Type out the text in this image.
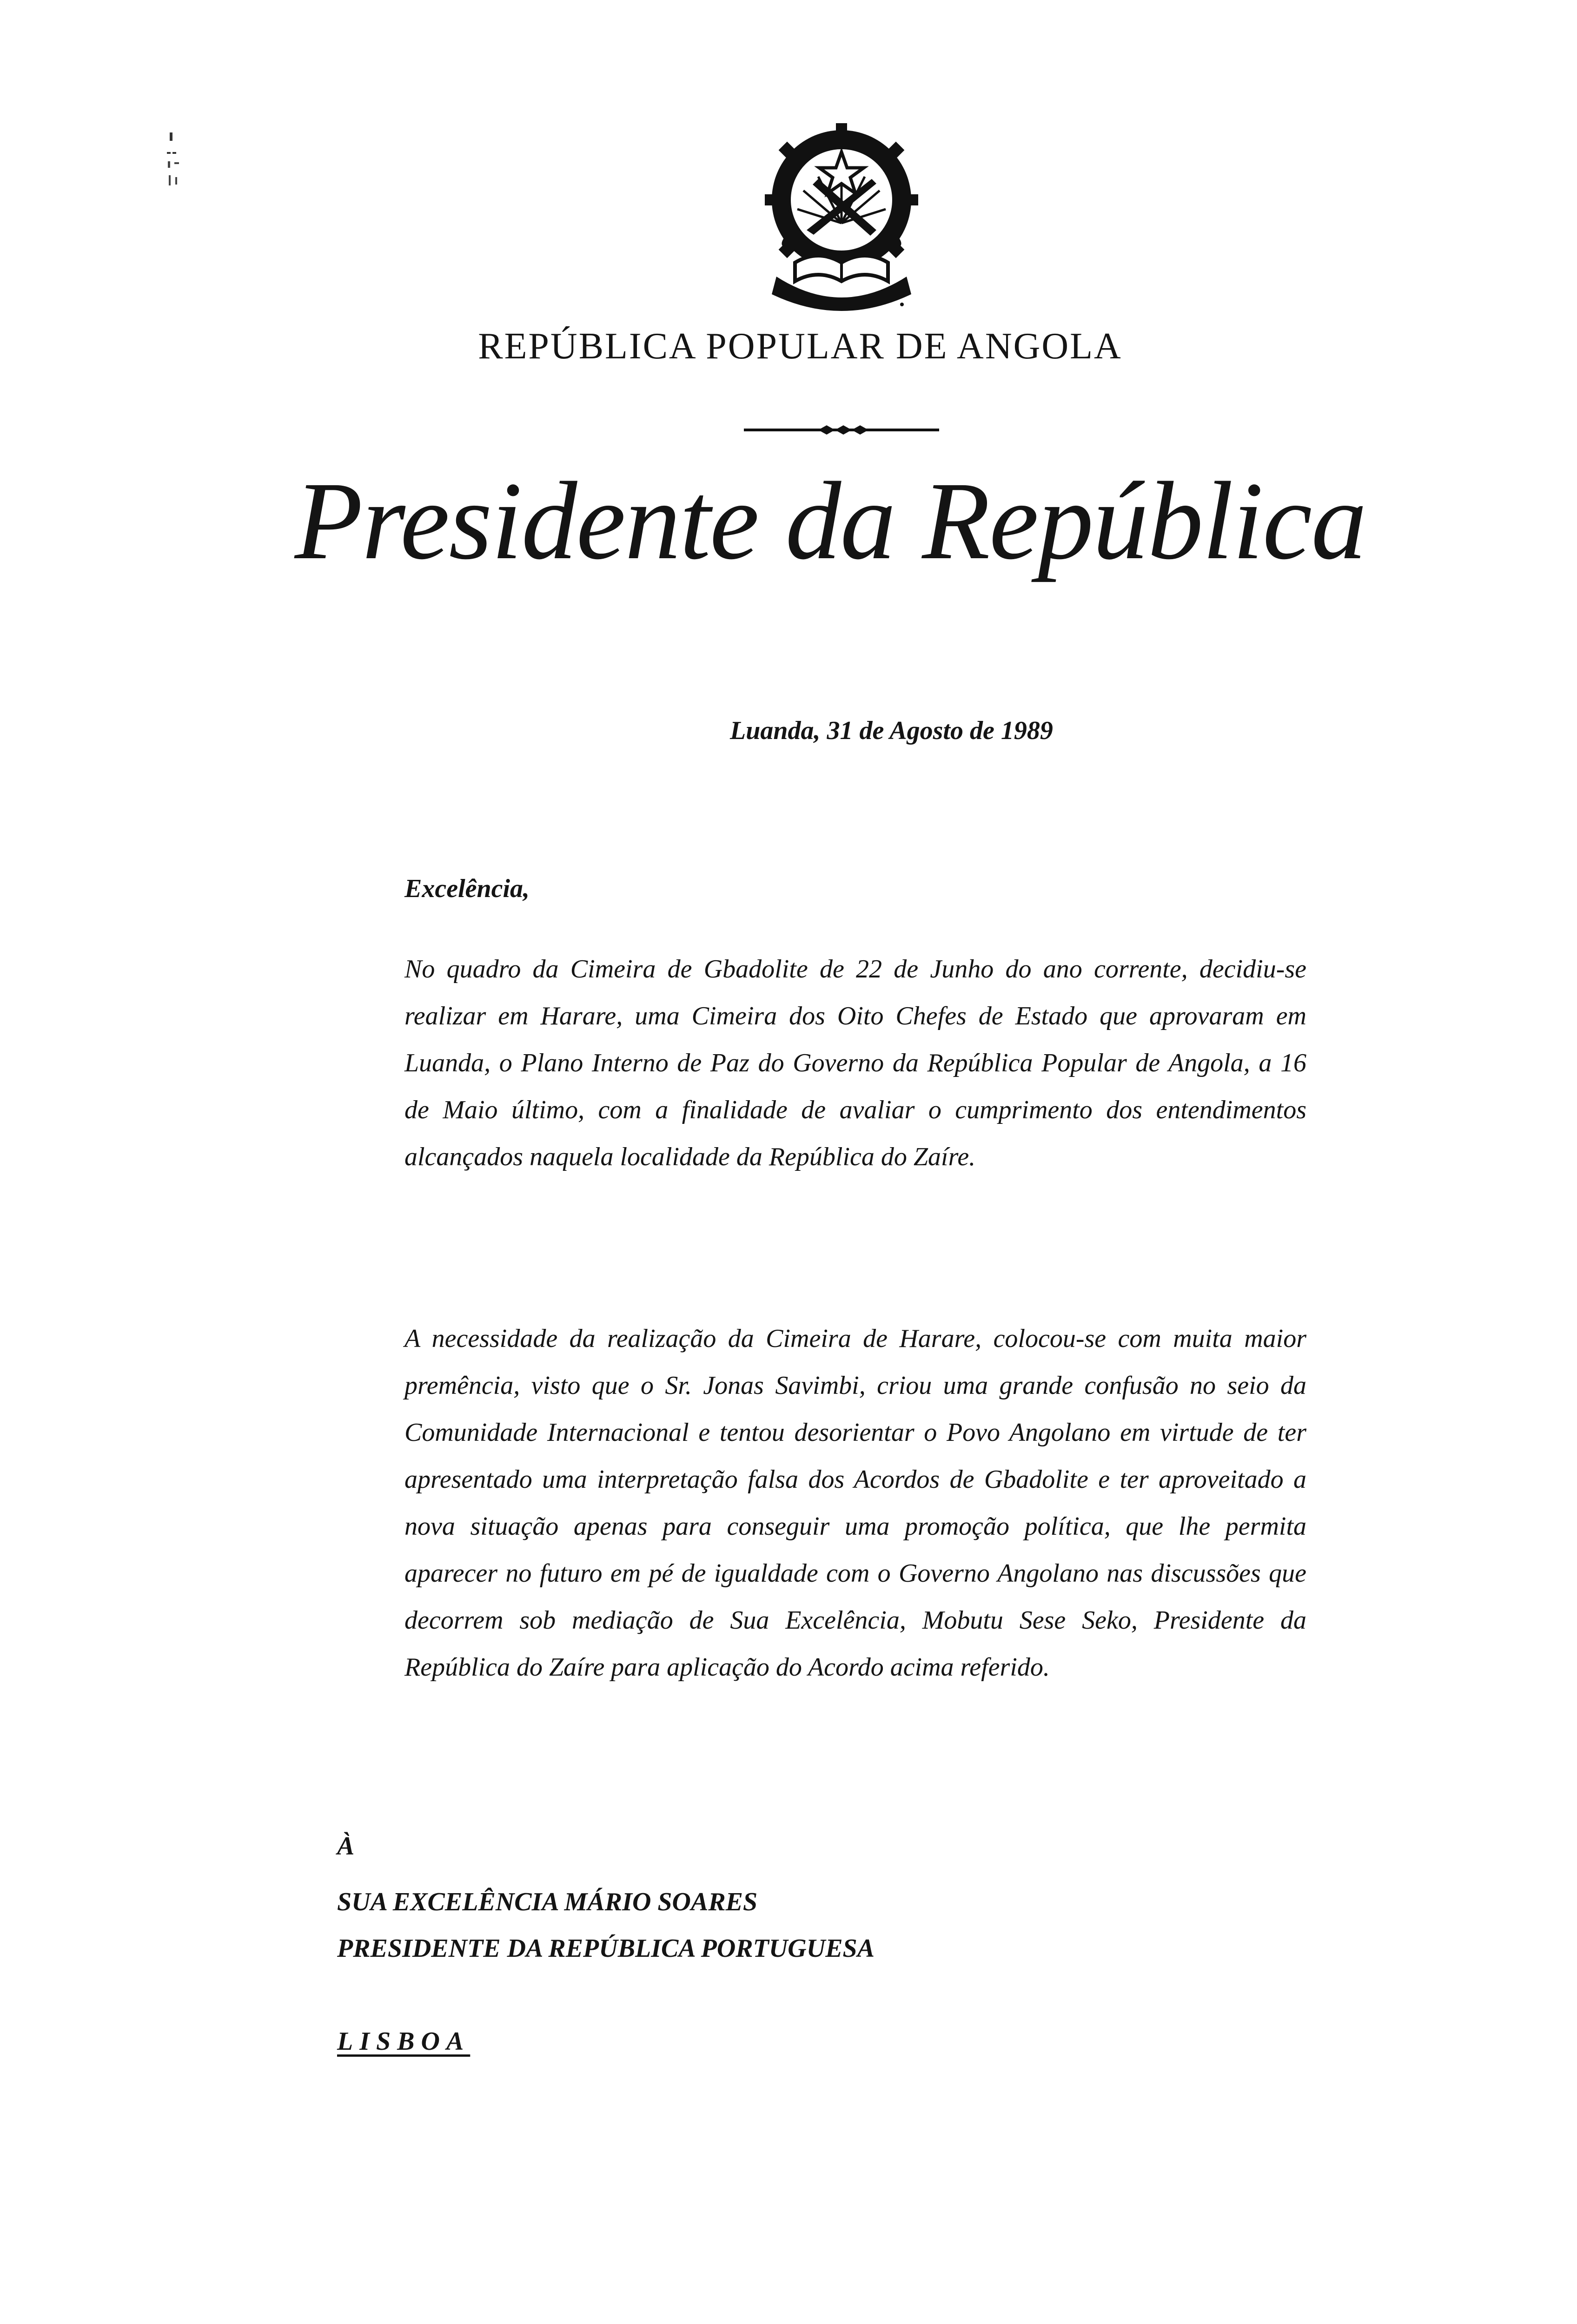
REPÚBLICA POPULAR DE ANGOLA
Presidente da República
Luanda, 31 de Agosto de 1989
Excelência,
No quadro da Cimeira de Gbadolite de 22 de Junho do ano corrente, decidiu-se realizar em Harare, uma Cimeira dos Oito Chefes de Estado que aprovaram em Luanda, o Plano Interno de Paz do Governo da República Popular de Angola, a 16 de Maio último, com a finalidade de avaliar o cumprimento dos entendimentos alcançados naquela localidade da República do Zaíre.
A necessidade da realização da Cimeira de Harare, colocou-se com muita maior premência, visto que o Sr. Jonas Savimbi, criou uma grande confusão no seio da Comunidade Internacional e tentou desorientar o Povo Angolano em virtude de ter apresentado uma interpretação falsa dos Acordos de Gbadolite e ter aproveitado a nova situação apenas para conseguir uma promoção política, que lhe permita aparecer no futuro em pé de igualdade com o Governo Angolano nas discussões que decorrem sob mediação de Sua Excelência, Mobutu Sese Seko, Presidente da República do Zaíre para aplicação do Acordo acima referido.
À
SUA EXCELÊNCIA MÁRIO SOARES
PRESIDENTE DA REPÚBLICA PORTUGUESA
LISBOA
